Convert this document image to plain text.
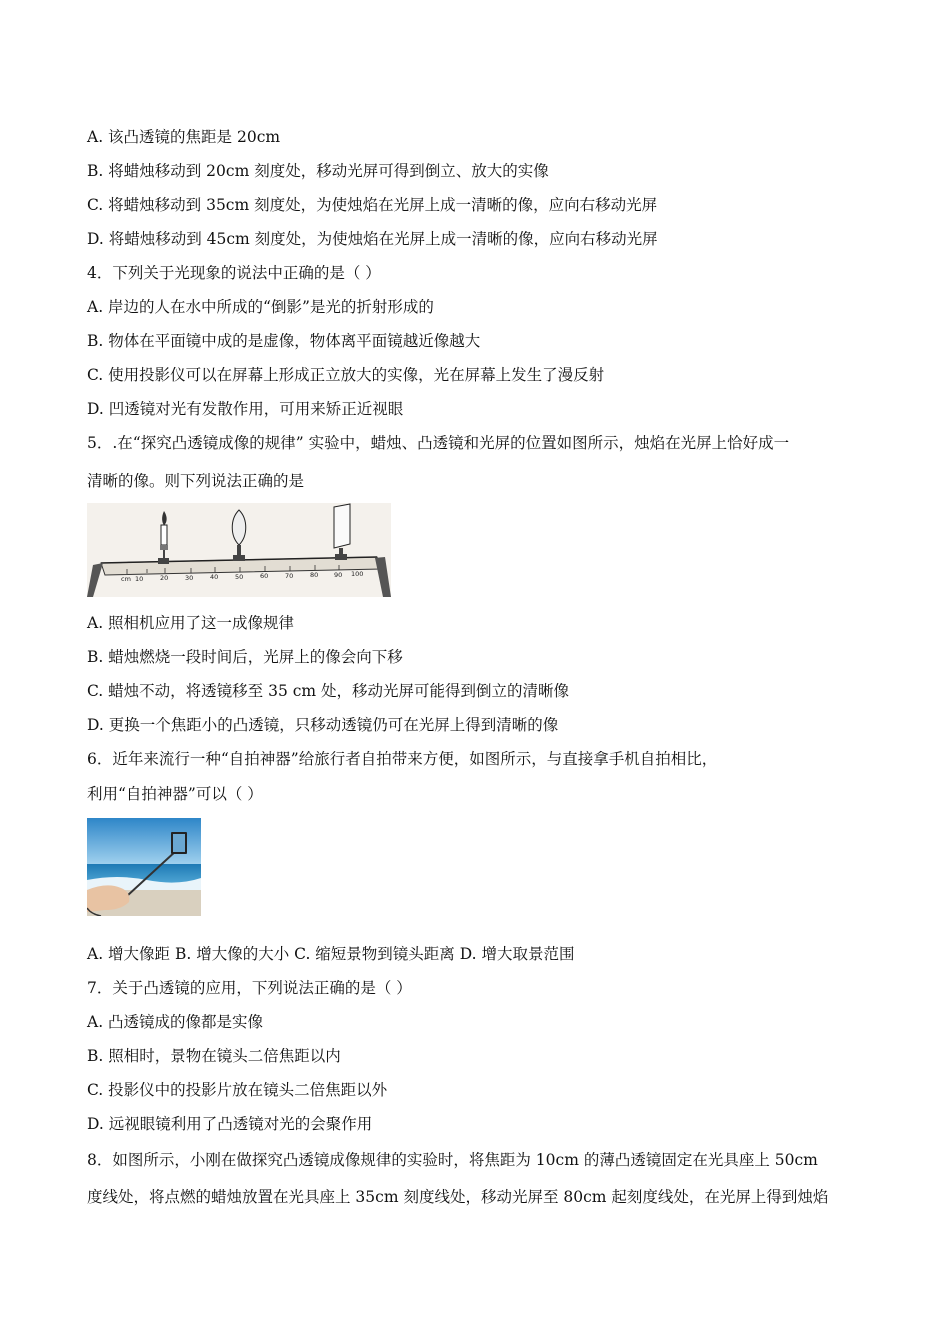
A. 该凸透镜的焦距是 20cm
B. 将蜡烛移动到 20cm 刻度处，移动光屏可得到倒立、放大的实像
C. 将蜡烛移动到 35cm 刻度处，为使烛焰在光屏上成一清晰的像，应向右移动光屏
D. 将蜡烛移动到 45cm 刻度处，为使烛焰在光屏上成一清晰的像，应向右移动光屏
4．下列关于光现象的说法中正确的是（ ）
A. 岸边的人在水中所成的“倒影”是光的折射形成的
B. 物体在平面镜中成的是虚像，物体离平面镜越近像越大
C. 使用投影仪可以在屏幕上形成正立放大的实像，光在屏幕上发生了漫反射
D. 凹透镜对光有发散作用，可用来矫正近视眼
5．.在“探究凸透镜成像的规律” 实验中，蜡烛、凸透镜和光屏的位置如图所示，烛焰在光屏上恰好成一
清晰的像。则下列说法正确的是
cm 10	20	30	40	50	60	70	80 90 100
A. 照相机应用了这一成像规律
B. 蜡烛燃烧一段时间后，光屏上的像会向下移
C. 蜡烛不动，将透镜移至 35 cm 处，移动光屏可能得到倒立的清晰像
D. 更换一个焦距小的凸透镜，只移动透镜仍可在光屏上得到清晰的像
6．近年来流行一种“自拍神器”给旅行者自拍带来方便，如图所示，与直接拿手机自拍相比，
利用“自拍神器”可以（ ）
A. 增大像距 B. 增大像的大小 C. 缩短景物到镜头距离 D. 增大取景范围
7．关于凸透镜的应用，下列说法正确的是（ ）
A. 凸透镜成的像都是实像
B. 照相时，景物在镜头二倍焦距以内
C. 投影仪中的投影片放在镜头二倍焦距以外
D. 远视眼镜利用了凸透镜对光的会聚作用
8．如图所示，小刚在做探究凸透镜成像规律的实验时，将焦距为 10cm 的薄凸透镜固定在光具座上 50cm
度线处，将点燃的蜡烛放置在光具座上 35cm 刻度线处，移动光屏至 80cm 起刻度线处，在光屏上得到烛焰
